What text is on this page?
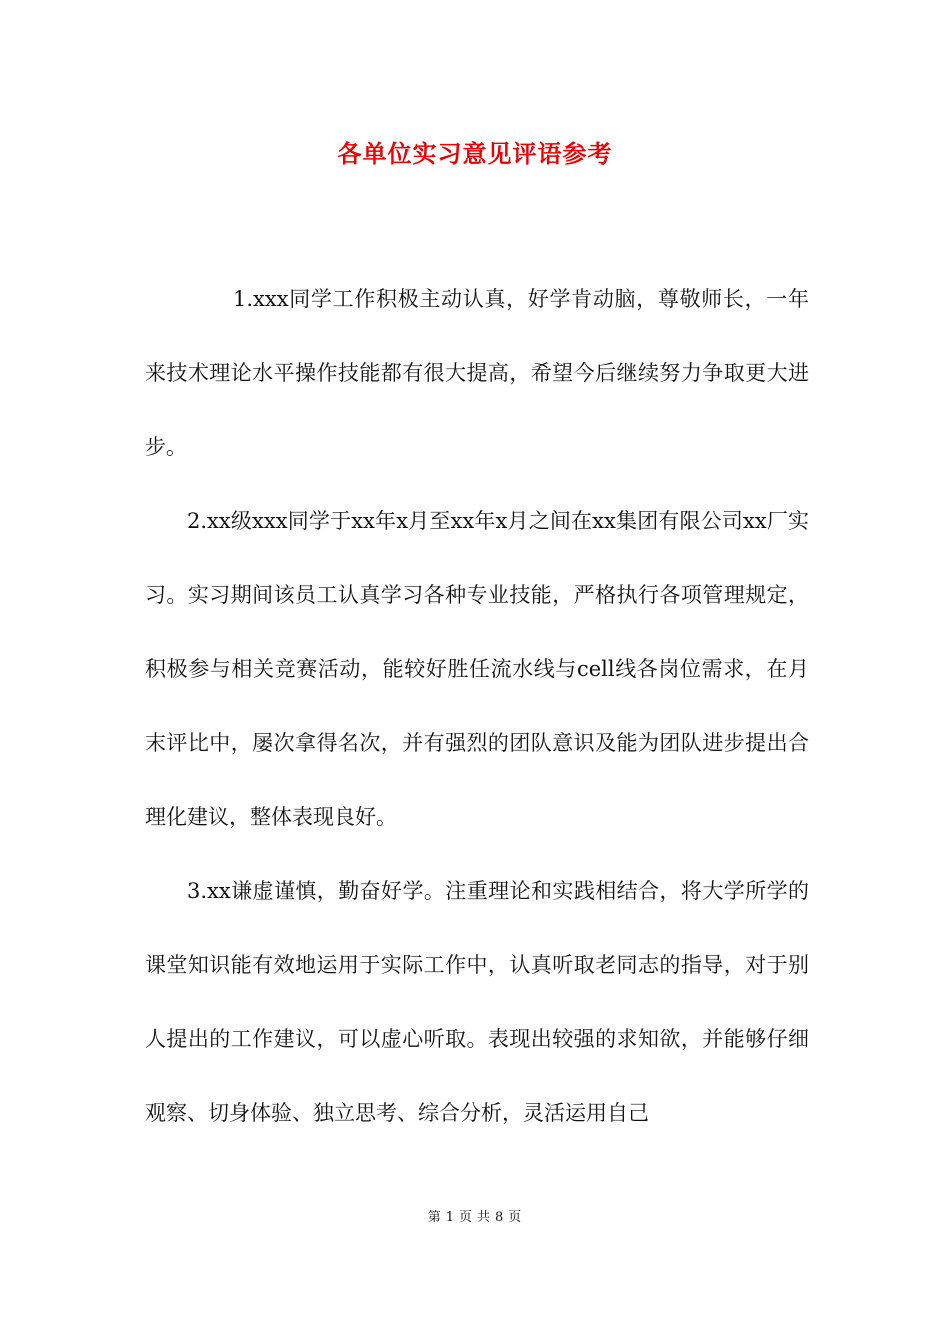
各单位实习意见评语参考

1.xxx同学工作积极主动认真，好学肯动脑，尊敬师长，一年来技术理论水平操作技能都有很大提高，希望今后继续努力争取更大进步。

2.xx级xxx同学于xx年x月至xx年x月之间在xx集团有限公司xx厂实习。实习期间该员工认真学习各种专业技能，严格执行各项管理规定，积极参与相关竞赛活动，能较好胜任流水线与cell线各岗位需求，在月末评比中，屡次拿得名次，并有强烈的团队意识及能为团队进步提出合理化建议，整体表现良好。

3.xx谦虚谨慎，勤奋好学。注重理论和实践相结合，将大学所学的课堂知识能有效地运用于实际工作中，认真听取老同志的指导，对于别人提出的工作建议，可以虚心听取。表现出较强的求知欲，并能够仔细观察、切身体验、独立思考、综合分析，灵活运用自己

第 1 页 共 8 页
